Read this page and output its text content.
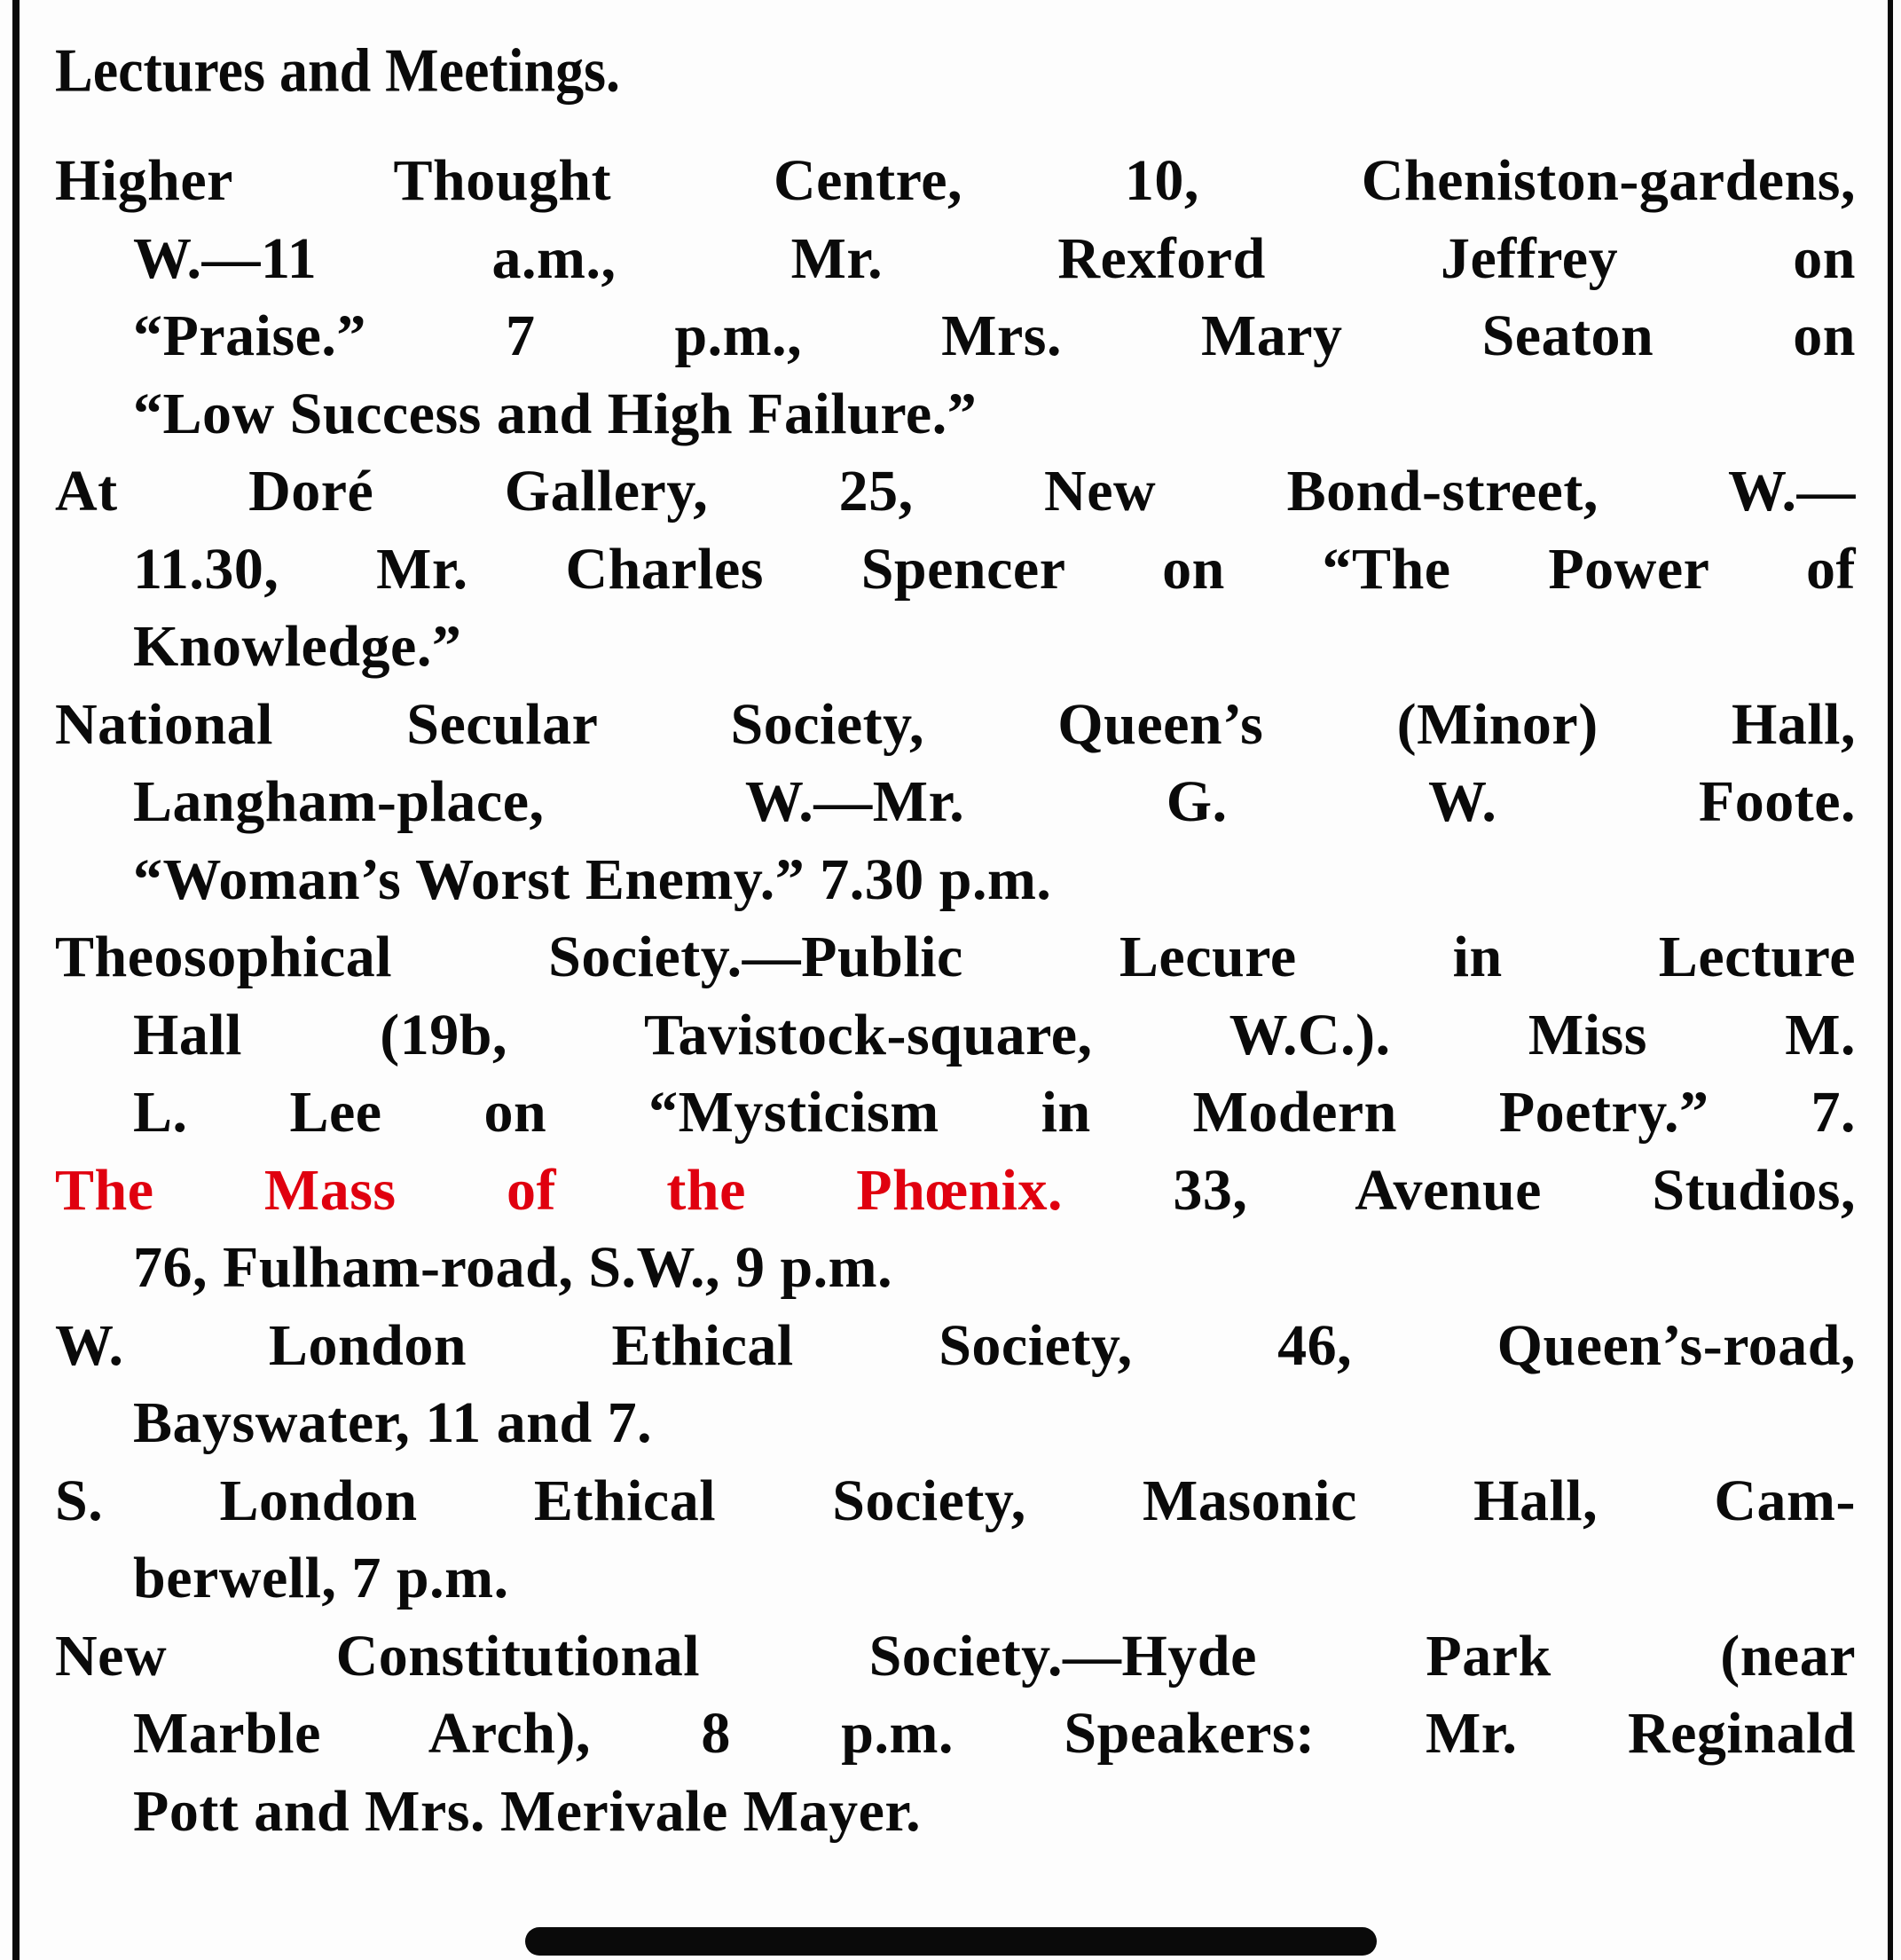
Lectures and Meetings.
Higher Thought Centre, 10, Cheniston-gardens,
W.—11 a.m., Mr. Rexford Jeffrey on
“Praise.” 7 p.m., Mrs. Mary Seaton on
“Low Success and High Failure.”
At Doré Gallery, 25, New Bond-street, W.—
11.30, Mr. Charles Spencer on “The Power of
Knowledge.”
National Secular Society, Queen’s (Minor) Hall,
Langham-place, W.—Mr. G. W. Foote.
“Woman’s Worst Enemy.” 7.30 p.m.
Theosophical Society.—Public Lecure in Lecture
Hall (19b, Tavistock-square, W.C.). Miss M.
L. Lee on “Mysticism in Modern Poetry.” 7.
The Mass of the Phœnix. 33, Avenue Studios,
76, Fulham-road, S.W., 9 p.m.
W. London Ethical Society, 46, Queen’s-road,
Bayswater, 11 and 7.
S. London Ethical Society, Masonic Hall, Cam-
berwell, 7 p.m.
New Constitutional Society.—Hyde Park (near
Marble Arch), 8 p.m. Speakers: Mr. Reginald
Pott and Mrs. Merivale Mayer.
